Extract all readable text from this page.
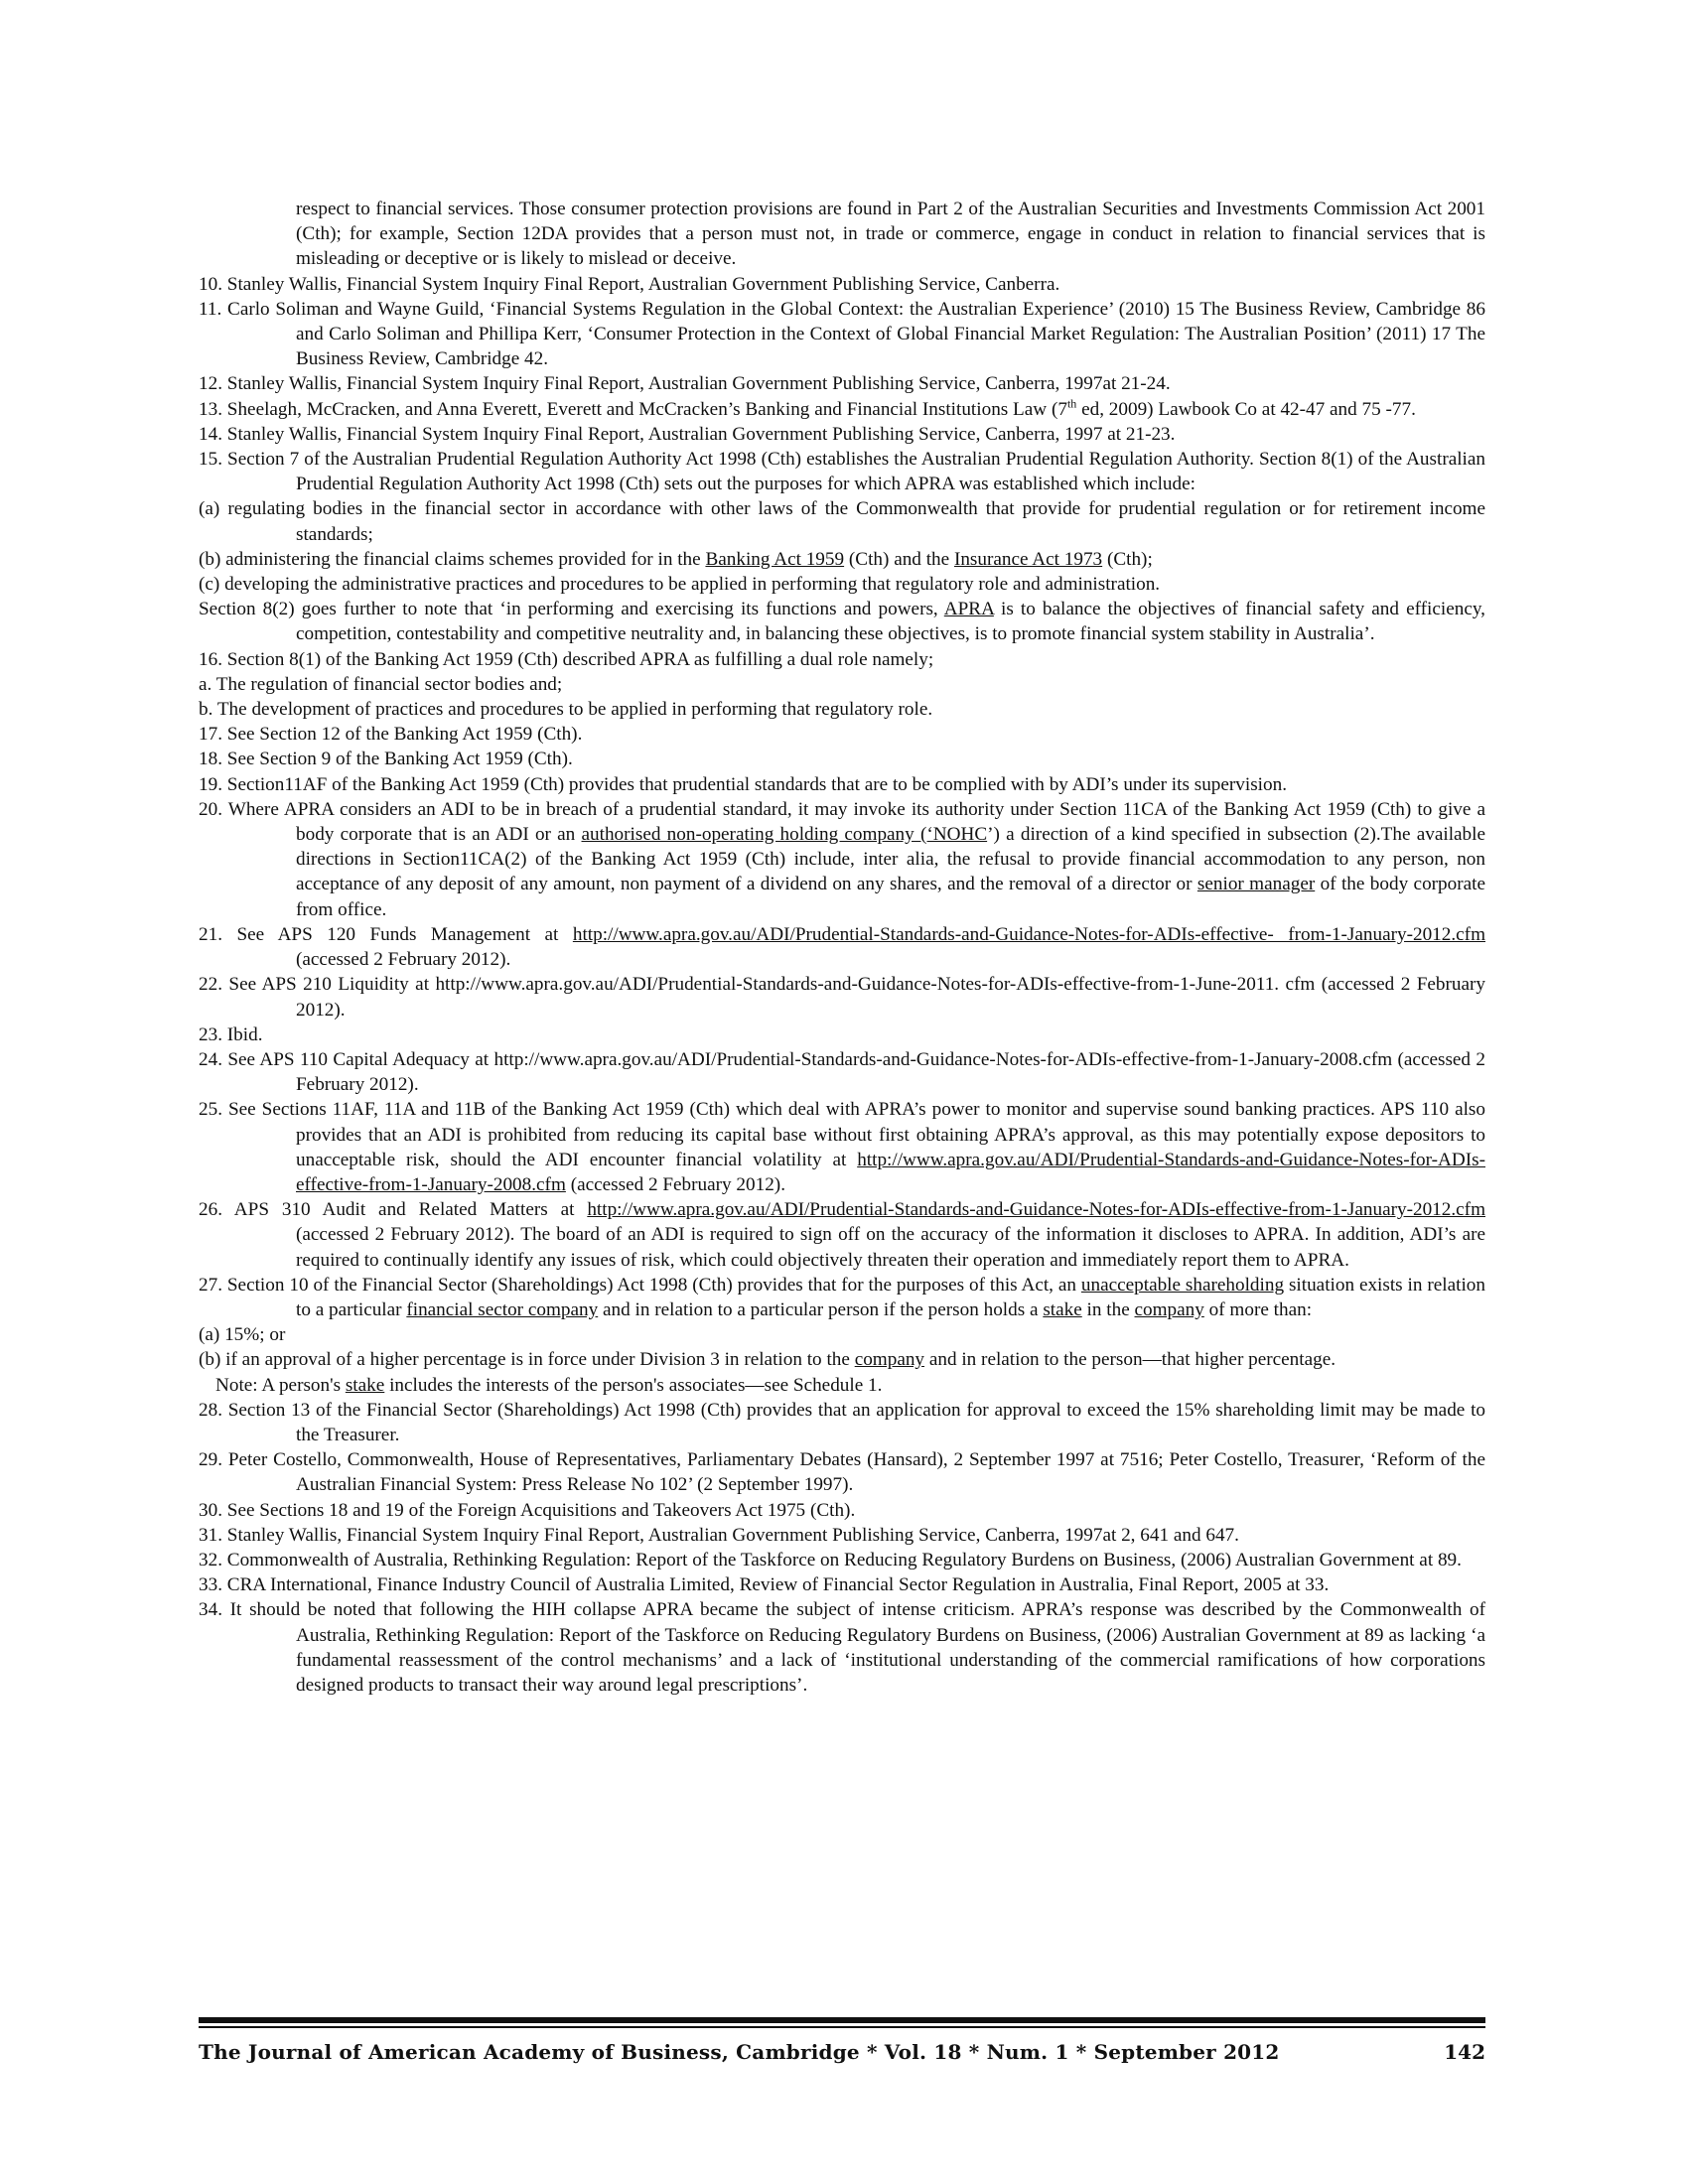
respect to financial services. Those consumer protection provisions are found in Part 2 of the Australian Securities and Investments Commission Act 2001 (Cth); for example, Section 12DA provides that a person must not, in trade or commerce, engage in conduct in relation to financial services that is misleading or deceptive or is likely to mislead or deceive.

10. Stanley Wallis, Financial System Inquiry Final Report, Australian Government Publishing Service, Canberra.

11. Carlo Soliman and Wayne Guild, ‘Financial Systems Regulation in the Global Context: the Australian Experience’ (2010) 15 The Business Review, Cambridge 86 and Carlo Soliman and Phillipa Kerr, ‘Consumer Protection in the Context of Global Financial Market Regulation: The Australian Position’ (2011) 17 The Business Review, Cambridge 42.

12. Stanley Wallis, Financial System Inquiry Final Report, Australian Government Publishing Service, Canberra, 1997at 21-24.

13. Sheelagh, McCracken, and Anna Everett, Everett and McCracken’s Banking and Financial Institutions Law (7th ed, 2009) Lawbook Co at 42-47 and 75 -77.

14. Stanley Wallis, Financial System Inquiry Final Report, Australian Government Publishing Service, Canberra, 1997 at 21-23.

15. Section 7 of the Australian Prudential Regulation Authority Act 1998 (Cth) establishes the Australian Prudential Regulation Authority. Section 8(1) of the Australian Prudential Regulation Authority Act 1998 (Cth) sets out the purposes for which APRA was established which include:

(a) regulating bodies in the financial sector in accordance with other laws of the Commonwealth that provide for prudential regulation or for retirement income standards;

(b) administering the financial claims schemes provided for in the Banking Act 1959 (Cth) and the Insurance Act 1973 (Cth);

(c) developing the administrative practices and procedures to be applied in performing that regulatory role and administration.

Section 8(2) goes further to note that ‘in performing and exercising its functions and powers, APRA is to balance the objectives of financial safety and efficiency, competition, contestability and competitive neutrality and, in balancing these objectives, is to promote financial system stability in Australia’.

16. Section 8(1) of the Banking Act 1959 (Cth) described APRA as fulfilling a dual role namely;

a. The regulation of financial sector bodies and;

b. The development of practices and procedures to be applied in performing that regulatory role.

17. See Section 12 of the Banking Act 1959 (Cth).

18. See Section 9 of the Banking Act 1959 (Cth).

19. Section11AF of the Banking Act 1959 (Cth) provides that prudential standards that are to be complied with by ADI’s under its supervision.

20. Where APRA considers an ADI to be in breach of a prudential standard, it may invoke its authority under Section 11CA of the Banking Act 1959 (Cth) to give a body corporate that is an ADI or an authorised non-operating holding company (‘NOHC’) a direction of a kind specified in subsection (2).The available directions in Section11CA(2) of the Banking Act 1959 (Cth) include, inter alia, the refusal to provide financial accommodation to any person, non acceptance of any deposit of any amount, non payment of a dividend on any shares, and the removal of a director or senior manager of the body corporate from office.

21. See APS 120 Funds Management at http://www.apra.gov.au/ADI/Prudential-Standards-and-Guidance-Notes-for-ADIs-effective- from-1-January-2012.cfm (accessed 2 February 2012).

22. See APS 210 Liquidity at http://www.apra.gov.au/ADI/Prudential-Standards-and-Guidance-Notes-for-ADIs-effective-from-1-June-2011. cfm (accessed 2 February 2012).

23. Ibid.

24. See APS 110 Capital Adequacy at http://www.apra.gov.au/ADI/Prudential-Standards-and-Guidance-Notes-for-ADIs-effective-from-1-January-2008.cfm (accessed 2 February 2012).

25. See Sections 11AF, 11A and 11B of the Banking Act 1959 (Cth) which deal with APRA’s power to monitor and supervise sound banking practices. APS 110 also provides that an ADI is prohibited from reducing its capital base without first obtaining APRA’s approval, as this may potentially expose depositors to unacceptable risk, should the ADI encounter financial volatility at http://www.apra.gov.au/ADI/Prudential-Standards-and-Guidance-Notes-for-ADIs-effective-from-1-January-2008.cfm (accessed 2 February 2012).

26. APS 310 Audit and Related Matters at http://www.apra.gov.au/ADI/Prudential-Standards-and-Guidance-Notes-for-ADIs-effective-from-1-January-2012.cfm (accessed 2 February 2012). The board of an ADI is required to sign off on the accuracy of the information it discloses to APRA. In addition, ADI’s are required to continually identify any issues of risk, which could objectively threaten their operation and immediately report them to APRA.

27. Section 10 of the Financial Sector (Shareholdings) Act 1998 (Cth) provides that for the purposes of this Act, an unacceptable shareholding situation exists in relation to a particular financial sector company and in relation to a particular person if the person holds a stake in the company of more than:

(a) 15%; or

(b) if an approval of a higher percentage is in force under Division 3 in relation to the company and in relation to the person—that higher percentage.

Note: A person's stake includes the interests of the person's associates—see Schedule 1.

28. Section 13 of the Financial Sector (Shareholdings) Act 1998 (Cth) provides that an application for approval to exceed the 15% shareholding limit may be made to the Treasurer.

29. Peter Costello, Commonwealth, House of Representatives, Parliamentary Debates (Hansard), 2 September 1997 at 7516; Peter Costello, Treasurer, ‘Reform of the Australian Financial System: Press Release No 102’ (2 September 1997).

30. See Sections 18 and 19 of the Foreign Acquisitions and Takeovers Act 1975 (Cth).

31. Stanley Wallis, Financial System Inquiry Final Report, Australian Government Publishing Service, Canberra, 1997at 2, 641 and 647.

32. Commonwealth of Australia, Rethinking Regulation: Report of the Taskforce on Reducing Regulatory Burdens on Business, (2006) Australian Government at 89.

33. CRA International, Finance Industry Council of Australia Limited, Review of Financial Sector Regulation in Australia, Final Report, 2005 at 33.

34. It should be noted that following the HIH collapse APRA became the subject of intense criticism. APRA’s response was described by the Commonwealth of Australia, Rethinking Regulation: Report of the Taskforce on Reducing Regulatory Burdens on Business, (2006) Australian Government at 89 as lacking ‘a fundamental reassessment of the control mechanisms’ and a lack of ‘institutional understanding of the commercial ramifications of how corporations designed products to transact their way around legal prescriptions’.

The Journal of American Academy of Business, Cambridge * Vol. 18 * Num. 1 * September 2012	142
